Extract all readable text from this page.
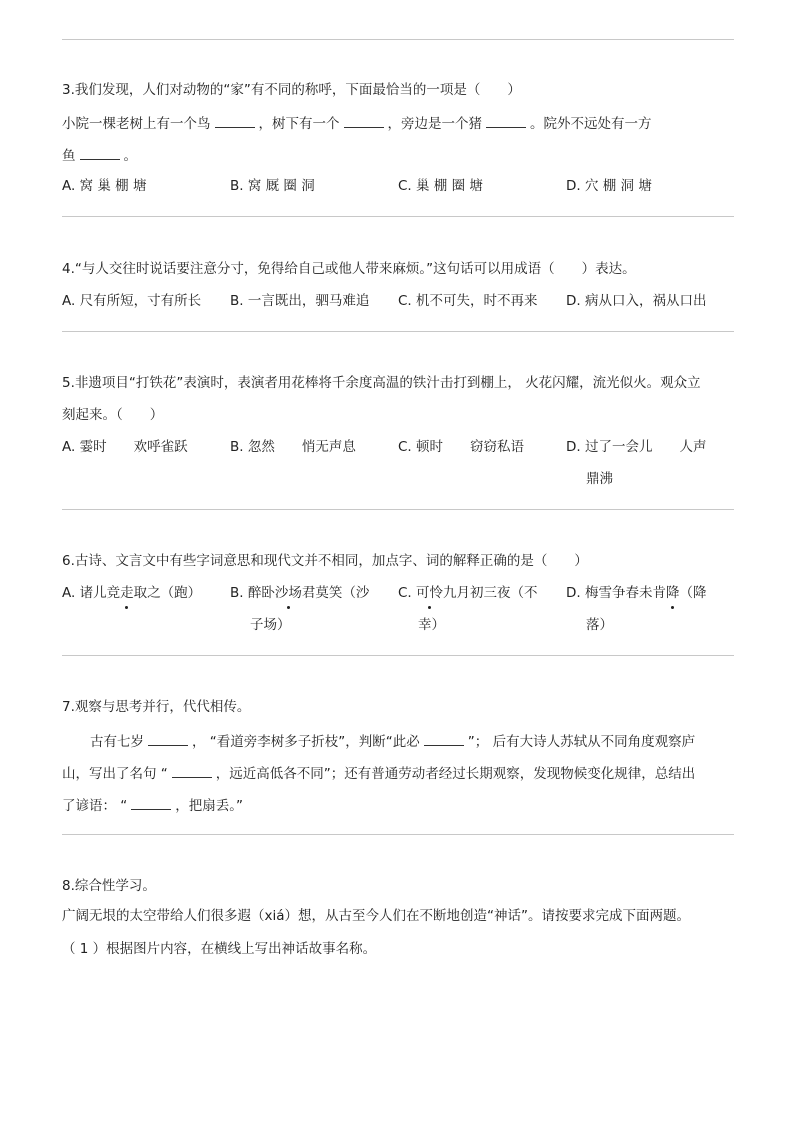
3.我们发现，人们对动物的“家”有不同的称呼，下面最恰当的一项是（　　）
小院一棵老树上有一个鸟	，树下有一个	，旁边是一个猪	。院外不远处有一方
鱼	。
A. 窝 巢 棚 塘	B. 窝 厩 圈 洞	C. 巢 棚 圈 塘	D. 穴 棚 洞 塘
4.“与人交往时说话要注意分寸，免得给自己或他人带来麻烦。”这句话可以用成语（　　）表达。
A. 尺有所短，寸有所长 B. 一言既出，驷马难追 C. 机不可失，时不再来 D. 病从口入，祸从口出
5.非遗项目“打铁花”表演时，表演者用花棒将千余度高温的铁汁击打到棚上， 火花闪耀，流光似火。观众立
刻起来。（　　）
A. 霎时　　欢呼雀跃	B. 忽然　　悄无声息	C. 顿时　　窃窃私语	D. 过了一会儿　　人声
鼎沸
6.古诗、文言文中有些字词意思和现代文并不相同，加点字、词的解释正确的是（　　）
A. 诸儿竞走取之（跑） B. 醉卧沙场君莫笑（沙
子场）
C. 可怜九月初三夜（不
幸）
D. 梅雪争春未肯降（降
落）
7.观察与思考并行，代代相传。
古有七岁	， “看道旁李树多子折枝”，判断“此必	”； 后有大诗人苏轼从不同角度观察庐
山，写出了名句 “	，远近高低各不同”；还有普通劳动者经过长期观察，发现物候变化规律，总结出
了谚语： “	，把扇丢。”
8.综合性学习。
广阔无垠的太空带给人们很多遐（xiá）想，从古至今人们在不断地创造“神话”。请按要求完成下面两题。
（ 1 ）根据图片内容，在横线上写出神话故事名称。
